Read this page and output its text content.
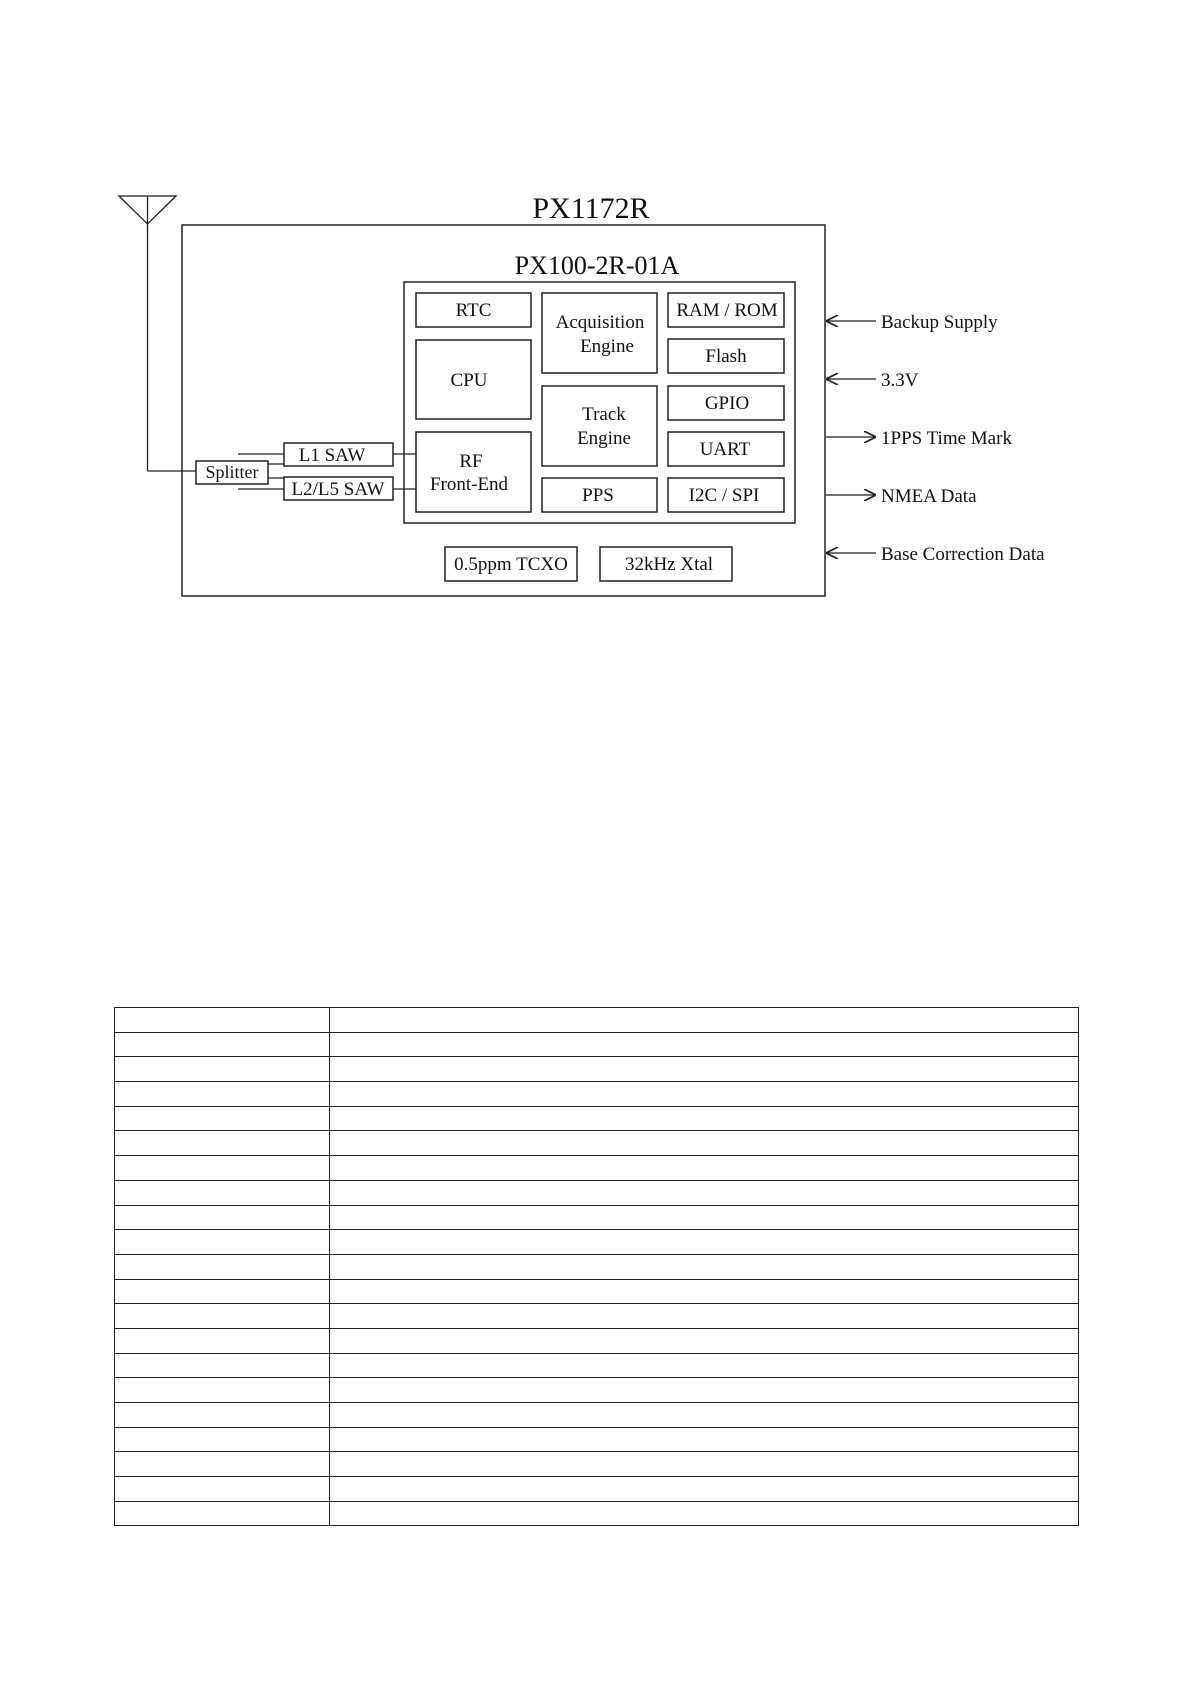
PX1172R
PX100-2R-01A
RTC
CPU
RF
Front-End
Acquisition
Engine
Track
Engine
PPS
RAM / ROM
Flash
GPIO
UART
I2C / SPI
Splitter
L1 SAW
L2/L5 SAW
0.5ppm TCXO	32kHz Xtal
Backup Supply
3.3V
1PPS Time Mark
NMEA Data
Base Correction Data
